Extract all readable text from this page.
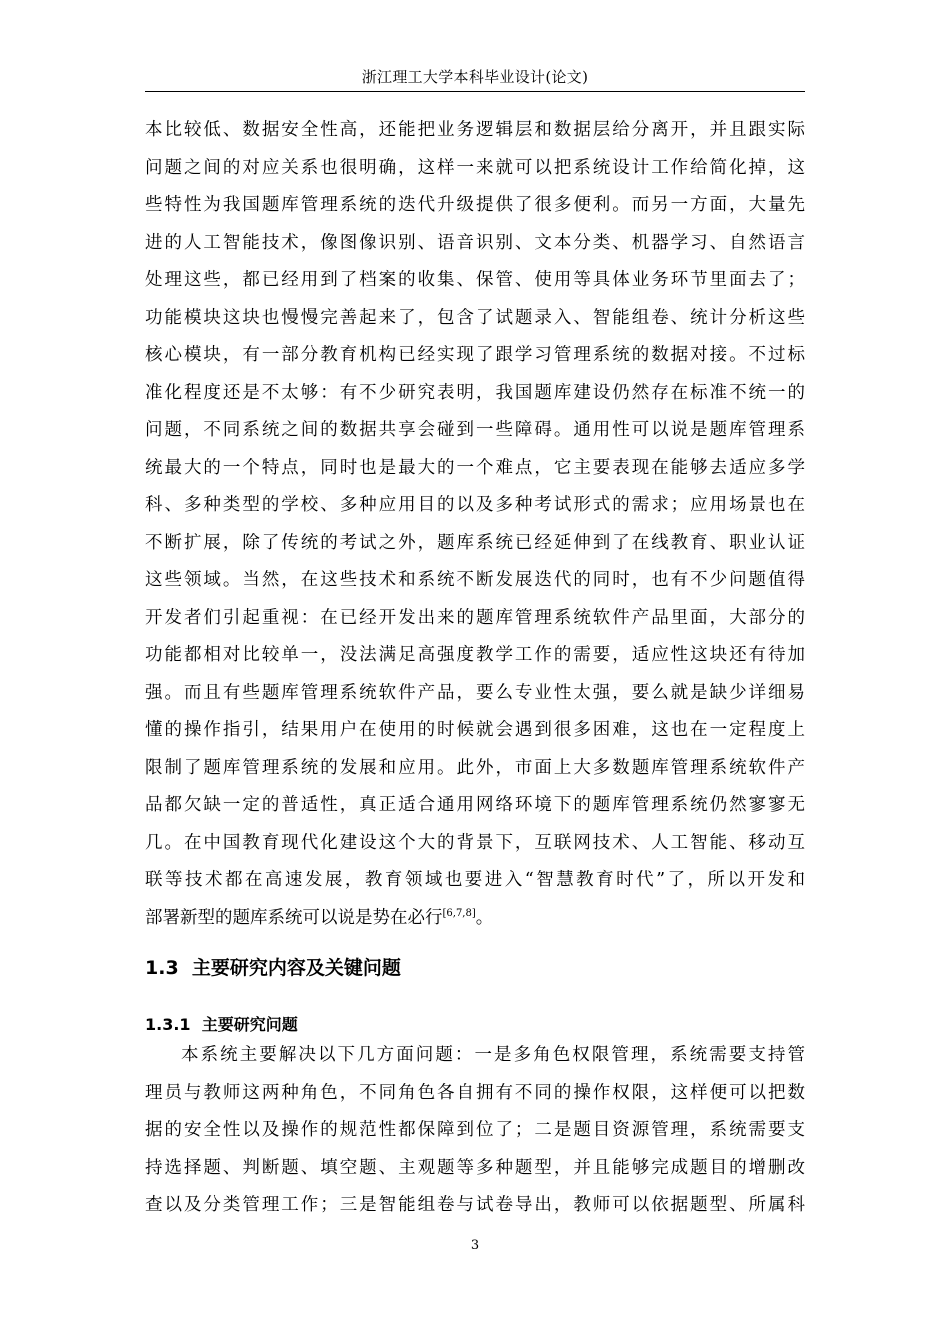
浙江理工大学本科毕业设计(论文)
本比较低、数据安全性高，还能把业务逻辑层和数据层给分离开，并且跟实际
问题之间的对应关系也很明确，这样一来就可以把系统设计工作给简化掉，这
些特性为我国题库管理系统的迭代升级提供了很多便利。而另一方面，大量先
进的人工智能技术，像图像识别、语音识别、文本分类、机器学习、自然语言
处理这些，都已经用到了档案的收集、保管、使用等具体业务环节里面去了；
功能模块这块也慢慢完善起来了，包含了试题录入、智能组卷、统计分析这些
核心模块，有一部分教育机构已经实现了跟学习管理系统的数据对接。不过标
准化程度还是不太够：有不少研究表明，我国题库建设仍然存在标准不统一的
问题，不同系统之间的数据共享会碰到一些障碍。通用性可以说是题库管理系
统最大的一个特点，同时也是最大的一个难点，它主要表现在能够去适应多学
科、多种类型的学校、多种应用目的以及多种考试形式的需求；应用场景也在
不断扩展，除了传统的考试之外，题库系统已经延伸到了在线教育、职业认证
这些领域。当然，在这些技术和系统不断发展迭代的同时，也有不少问题值得
开发者们引起重视：在已经开发出来的题库管理系统软件产品里面，大部分的
功能都相对比较单一，没法满足高强度教学工作的需要，适应性这块还有待加
强。而且有些题库管理系统软件产品，要么专业性太强，要么就是缺少详细易
懂的操作指引，结果用户在使用的时候就会遇到很多困难，这也在一定程度上
限制了题库管理系统的发展和应用。此外，市面上大多数题库管理系统软件产
品都欠缺一定的普适性，真正适合通用网络环境下的题库管理系统仍然寥寥无
几。在中国教育现代化建设这个大的背景下，互联网技术、人工智能、移动互
联等技术都在高速发展，教育领域也要进入“智慧教育时代”了，所以开发和
部署新型的题库系统可以说是势在必行[6,7,8]。
1.3 主要研究内容及关键问题
1.3.1 主要研究问题
本系统主要解决以下几方面问题：一是多角色权限管理，系统需要支持管
理员与教师这两种角色，不同角色各自拥有不同的操作权限，这样便可以把数
据的安全性以及操作的规范性都保障到位了；二是题目资源管理，系统需要支
持选择题、判断题、填空题、主观题等多种题型，并且能够完成题目的增删改
查以及分类管理工作；三是智能组卷与试卷导出，教师可以依据题型、所属科
3
